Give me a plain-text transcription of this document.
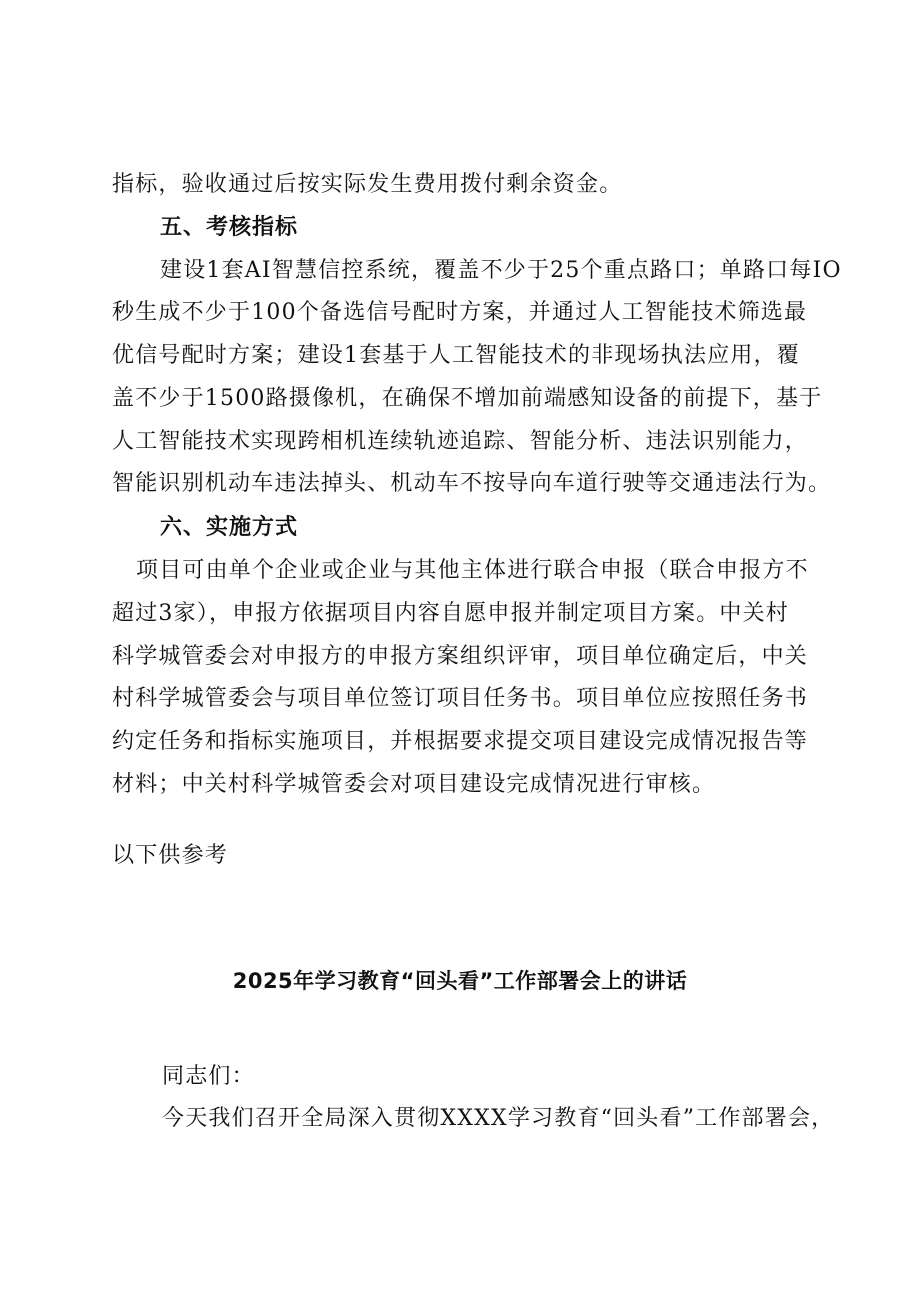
指标，验收通过后按实际发生费用拨付剩余资金。
五、考核指标
建设1套AI智慧信控系统，覆盖不少于25个重点路口；单路口每IO
秒生成不少于100个备选信号配时方案，并通过人工智能技术筛选最
优信号配时方案；建设1套基于人工智能技术的非现场执法应用，覆
盖不少于1500路摄像机，在确保不增加前端感知设备的前提下，基于
人工智能技术实现跨相机连续轨迹追踪、智能分析、违法识别能力，
智能识别机动车违法掉头、机动车不按导向车道行驶等交通违法行为。
六、实施方式
项目可由单个企业或企业与其他主体进行联合申报（联合申报方不
超过3家），申报方依据项目内容自愿申报并制定项目方案。中关村
科学城管委会对申报方的申报方案组织评审，项目单位确定后，中关
村科学城管委会与项目单位签订项目任务书。项目单位应按照任务书
约定任务和指标实施项目，并根据要求提交项目建设完成情况报告等
材料；中关村科学城管委会对项目建设完成情况进行审核。
以下供参考
2025年学习教育“回头看”工作部署会上的讲话
同志们：
今天我们召开全局深入贯彻XXXX学习教育“回头看”工作部署会，
